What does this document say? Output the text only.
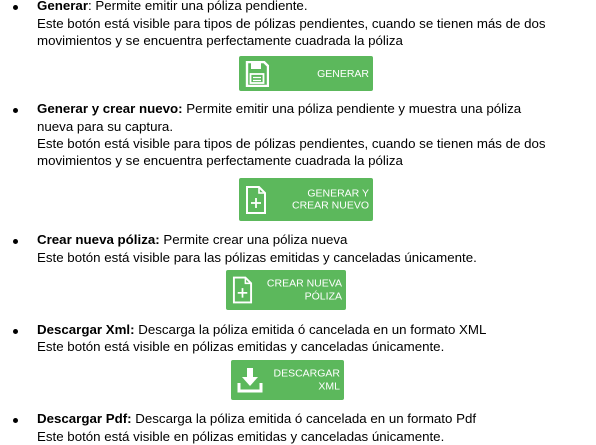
Generar: Permite emitir una póliza pendiente.
Este botón está visible para tipos de pólizas pendientes, cuando se tienen más de dos
movimientos y se encuentra perfectamente cuadrada la póliza
GENERAR
Generar y crear nuevo: Permite emitir una póliza pendiente y muestra una póliza
nueva para su captura.
Este botón está visible para tipos de pólizas pendientes, cuando se tienen más de dos
movimientos y se encuentra perfectamente cuadrada la póliza
GENERAR Y
CREAR NUEVO
Crear nueva póliza: Permite crear una póliza nueva
Este botón está visible para las pólizas emitidas y canceladas únicamente.
CREAR NUEVA
PÓLIZA
Descargar Xml: Descarga la póliza emitida ó cancelada en un formato XML
Este botón está visible en pólizas emitidas y canceladas únicamente.
DESCARGAR
XML
Descargar Pdf: Descarga la póliza emitida ó cancelada en un formato Pdf
Este botón está visible en pólizas emitidas y canceladas únicamente.
